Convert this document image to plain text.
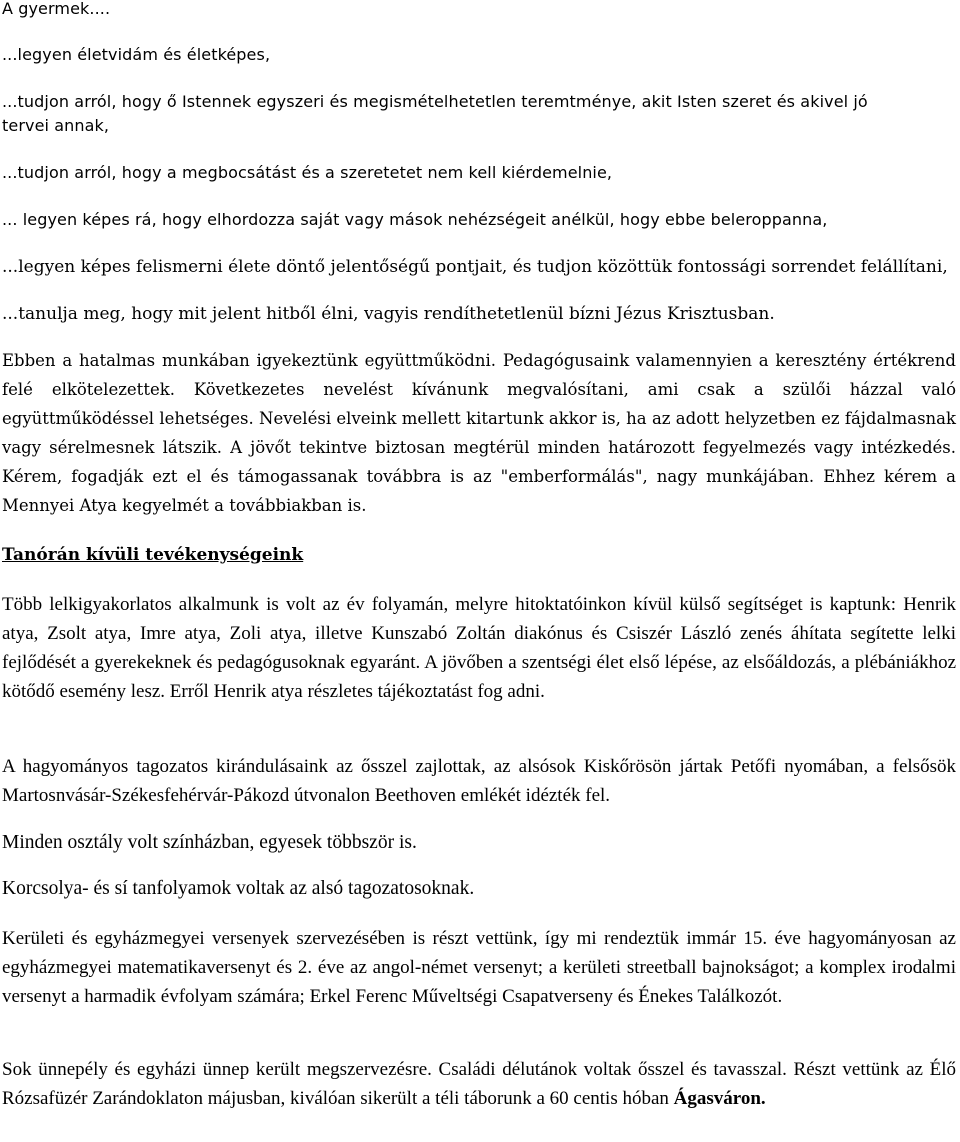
A gyermek....

...legyen életvidám és életképes,

...tudjon arról, hogy ő Istennek egyszeri és megismételhetetlen teremtménye, akit Isten szeret és akivel jó

tervei annak,

...tudjon arról, hogy a megbocsátást és a szeretetet nem kell kiérdemelnie,

... legyen képes rá, hogy elhordozza saját vagy mások nehézségeit anélkül, hogy ebbe beleroppanna,

...legyen képes felismerni élete döntő jelentőségű pontjait, és tudjon közöttük fontossági sorrendet felállítani,

...tanulja meg, hogy mit jelent hitből élni, vagyis rendíthetetlenül bízni Jézus Krisztusban.

Ebben a hatalmas munkában igyekeztünk együttműködni. Pedagógusaink valamennyien a keresztény értékrend felé elkötelezettek. Következetes nevelést kívánunk megvalósítani, ami csak a szülői házzal való együttműködéssel lehetséges. Nevelési elveink mellett kitartunk akkor is, ha az adott helyzetben ez fájdalmasnak vagy sérelmesnek látszik. A jövőt tekintve biztosan megtérül minden határozott fegyelmezés vagy intézkedés. Kérem, fogadják ezt el és támogassanak továbbra is az "emberformálás", nagy munkájában. Ehhez kérem a Mennyei Atya kegyelmét a továbbiakban is.

Tanórán kívüli tevékenységeink

Több lelkigyakorlatos alkalmunk is volt az év folyamán, melyre hitoktatóinkon kívül külső segítséget is kaptunk: Henrik atya, Zsolt atya, Imre atya, Zoli atya, illetve Kunszabó Zoltán diakónus és Csiszér László zenés áhítata segítette lelki fejlődését a gyerekeknek és pedagógusoknak egyaránt. A jövőben a szentségi élet első lépése, az elsőáldozás, a plébániákhoz kötődő esemény lesz. Erről Henrik atya részletes tájékoztatást fog adni.

A hagyományos tagozatos kirándulásaink az ősszel zajlottak, az alsósok Kiskőrösön jártak Petőfi nyomában, a felsősök Martosnvásár-Székesfehérvár-Pákozd útvonalon Beethoven emlékét idézték fel.

Minden osztály volt színházban, egyesek többször is.

Korcsolya- és sí tanfolyamok voltak az alsó tagozatosoknak.

Kerületi és egyházmegyei versenyek szervezésében is részt vettünk, így mi rendeztük immár 15. éve hagyományosan az egyházmegyei matematikaversenyt és 2. éve az angol-német versenyt; a kerületi streetball bajnokságot; a komplex irodalmi versenyt a harmadik évfolyam számára; Erkel Ferenc Műveltségi Csapatverseny és Énekes Találkozót.

Sok ünnepély és egyházi ünnep került megszervezésre. Családi délutánok voltak ősszel és tavasszal. Részt vettünk az Élő Rózsafüzér Zarándoklaton májusban, kiválóan sikerült a téli táborunk a 60 centis hóban Ágasváron.
